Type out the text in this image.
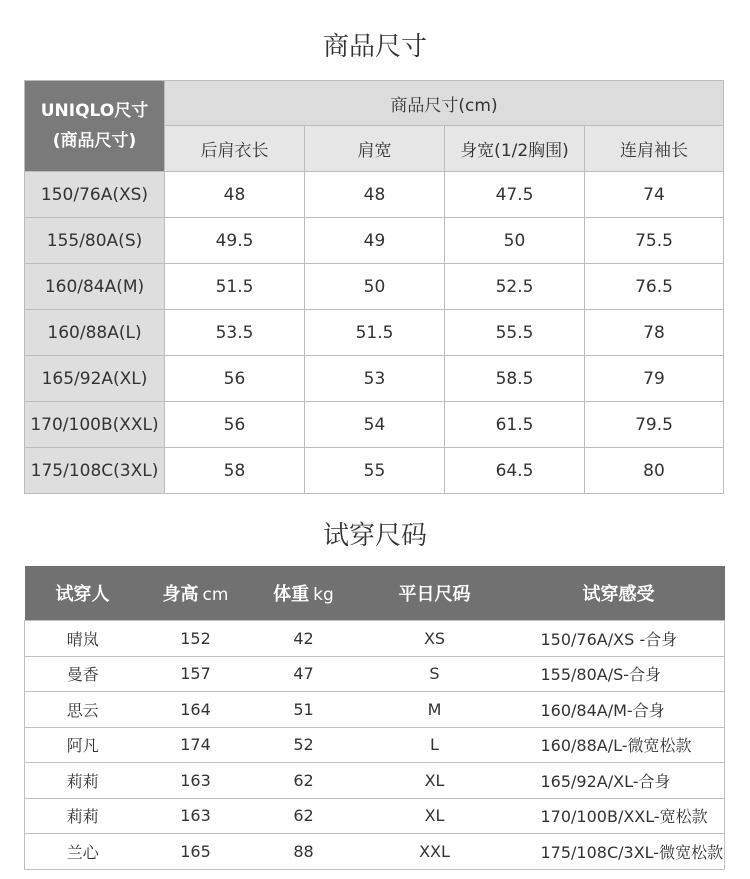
商品尺寸
UNIQLO尺寸
(商品尺寸)	商品尺寸(cm)			
	后肩衣长	肩宽	身宽(1/2胸围)	连肩袖长
150/76A(XS)	48	48	47.5	74
155/80A(S)	49.5	49	50	75.5
160/84A(M)	51.5	50	52.5	76.5
160/88A(L)	53.5	51.5	55.5	78
165/92A(XL)	56	53	58.5	79
170/100B(XXL)	56	54	61.5	79.5
175/108C(3XL)	58	55	64.5	80
试穿尺码
试穿人	身高 cm	体重 kg	平日尺码	试穿感受
晴岚	152	42	XS	150/76A/XS -合身
曼香	157	47	S	155/80A/S-合身
思云	164	51	M	160/84A/M-合身
阿凡	174	52	L	160/88A/L-微宽松款
莉莉	163	62	XL	165/92A/XL-合身
莉莉	163	62	XL	170/100B/XXL-宽松款
兰心	165	88	XXL	175/108C/3XL-微宽松款
